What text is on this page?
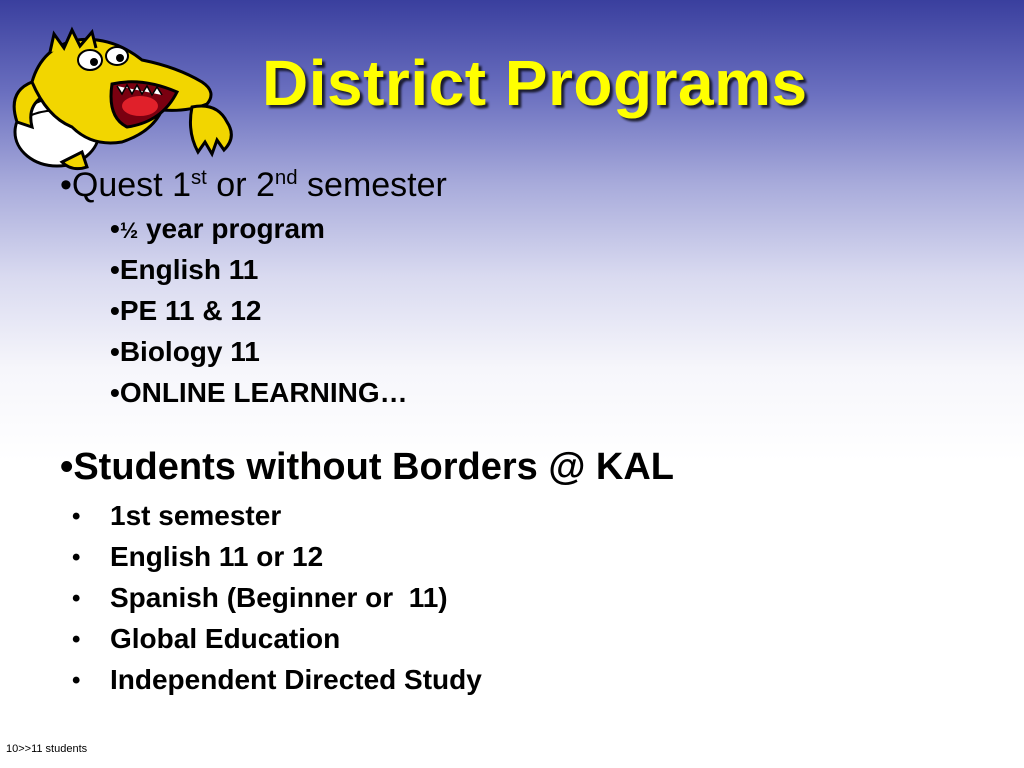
District Programs
•Quest 1st or 2nd semester
•½ year program
•English 11
•PE 11 & 12
•Biology 11
•ONLINE LEARNING…
•Students without Borders @ KAL
• 1st semester
• English 11 or 12
• Spanish (Beginner or  11)
• Global Education
• Independent Directed Study
10>>11 students
